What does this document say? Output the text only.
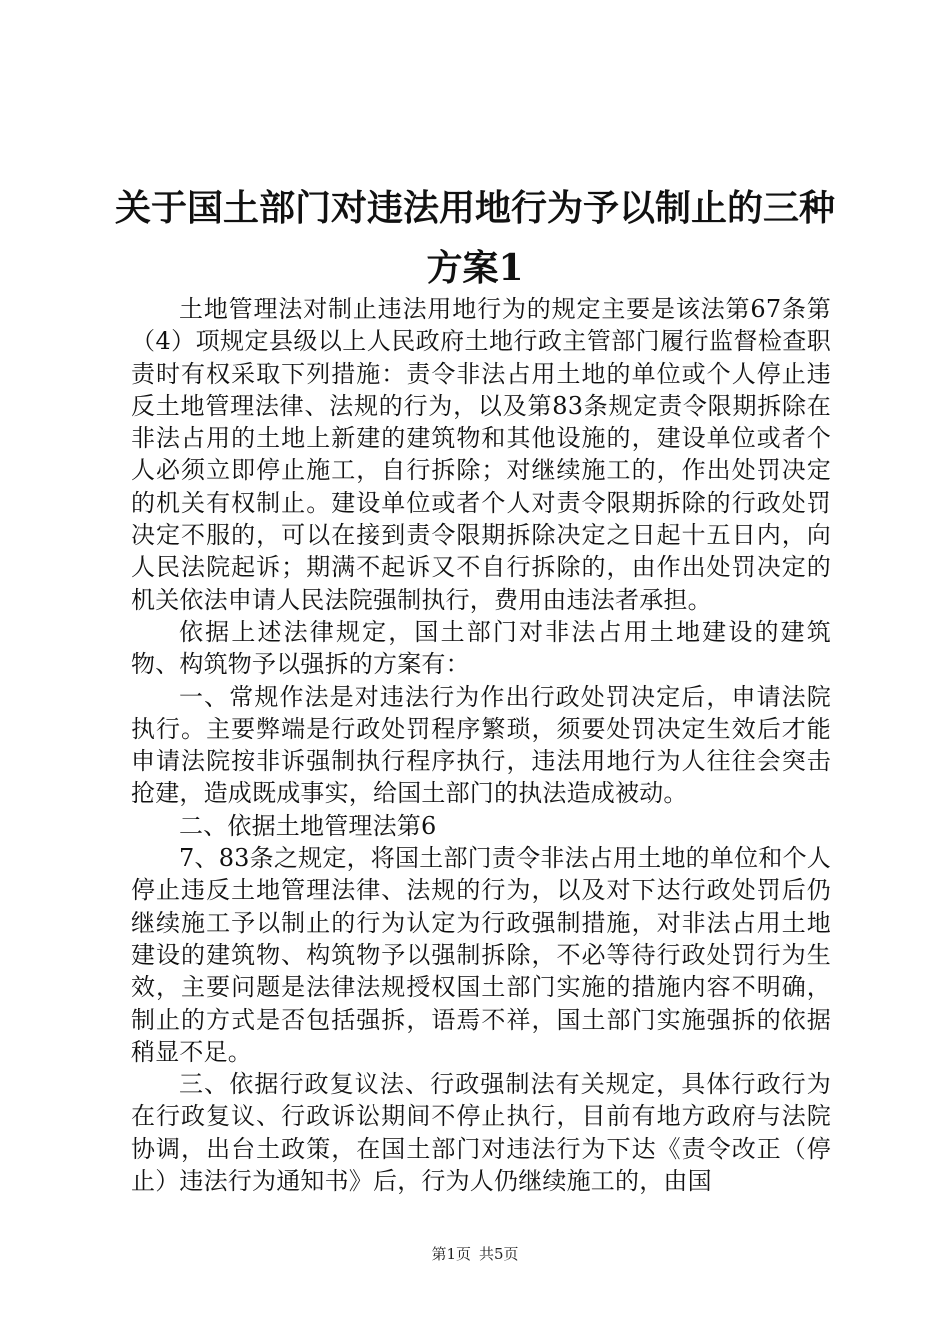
关于国土部门对违法用地行为予以制止的三种
方案1

土地管理法对制止违法用地行为的规定主要是该法第67条第（4）项规定县级以上人民政府土地行政主管部门履行监督检查职责时有权采取下列措施：责令非法占用土地的单位或个人停止违反土地管理法律、法规的行为，以及第83条规定责令限期拆除在非法占用的土地上新建的建筑物和其他设施的，建设单位或者个人必须立即停止施工，自行拆除；对继续施工的，作出处罚决定的机关有权制止。建设单位或者个人对责令限期拆除的行政处罚决定不服的，可以在接到责令限期拆除决定之日起十五日内，向人民法院起诉；期满不起诉又不自行拆除的，由作出处罚决定的机关依法申请人民法院强制执行，费用由违法者承担。

依据上述法律规定，国土部门对非法占用土地建设的建筑物、构筑物予以强拆的方案有：

一、常规作法是对违法行为作出行政处罚决定后，申请法院执行。主要弊端是行政处罚程序繁琐，须要处罚决定生效后才能申请法院按非诉强制执行程序执行，违法用地行为人往往会突击抢建，造成既成事实，给国土部门的执法造成被动。

二、依据土地管理法第6

7、83条之规定，将国土部门责令非法占用土地的单位和个人停止违反土地管理法律、法规的行为，以及对下达行政处罚后仍继续施工予以制止的行为认定为行政强制措施，对非法占用土地建设的建筑物、构筑物予以强制拆除，不必等待行政处罚行为生效，主要问题是法律法规授权国土部门实施的措施内容不明确，制止的方式是否包括强拆，语焉不祥，国土部门实施强拆的依据稍显不足。

三、依据行政复议法、行政强制法有关规定，具体行政行为在行政复议、行政诉讼期间不停止执行，目前有地方政府与法院协调，出台土政策，在国土部门对违法行为下达《责令改正（停止）违法行为通知书》后，行为人仍继续施工的，由国

第1页 共5页
